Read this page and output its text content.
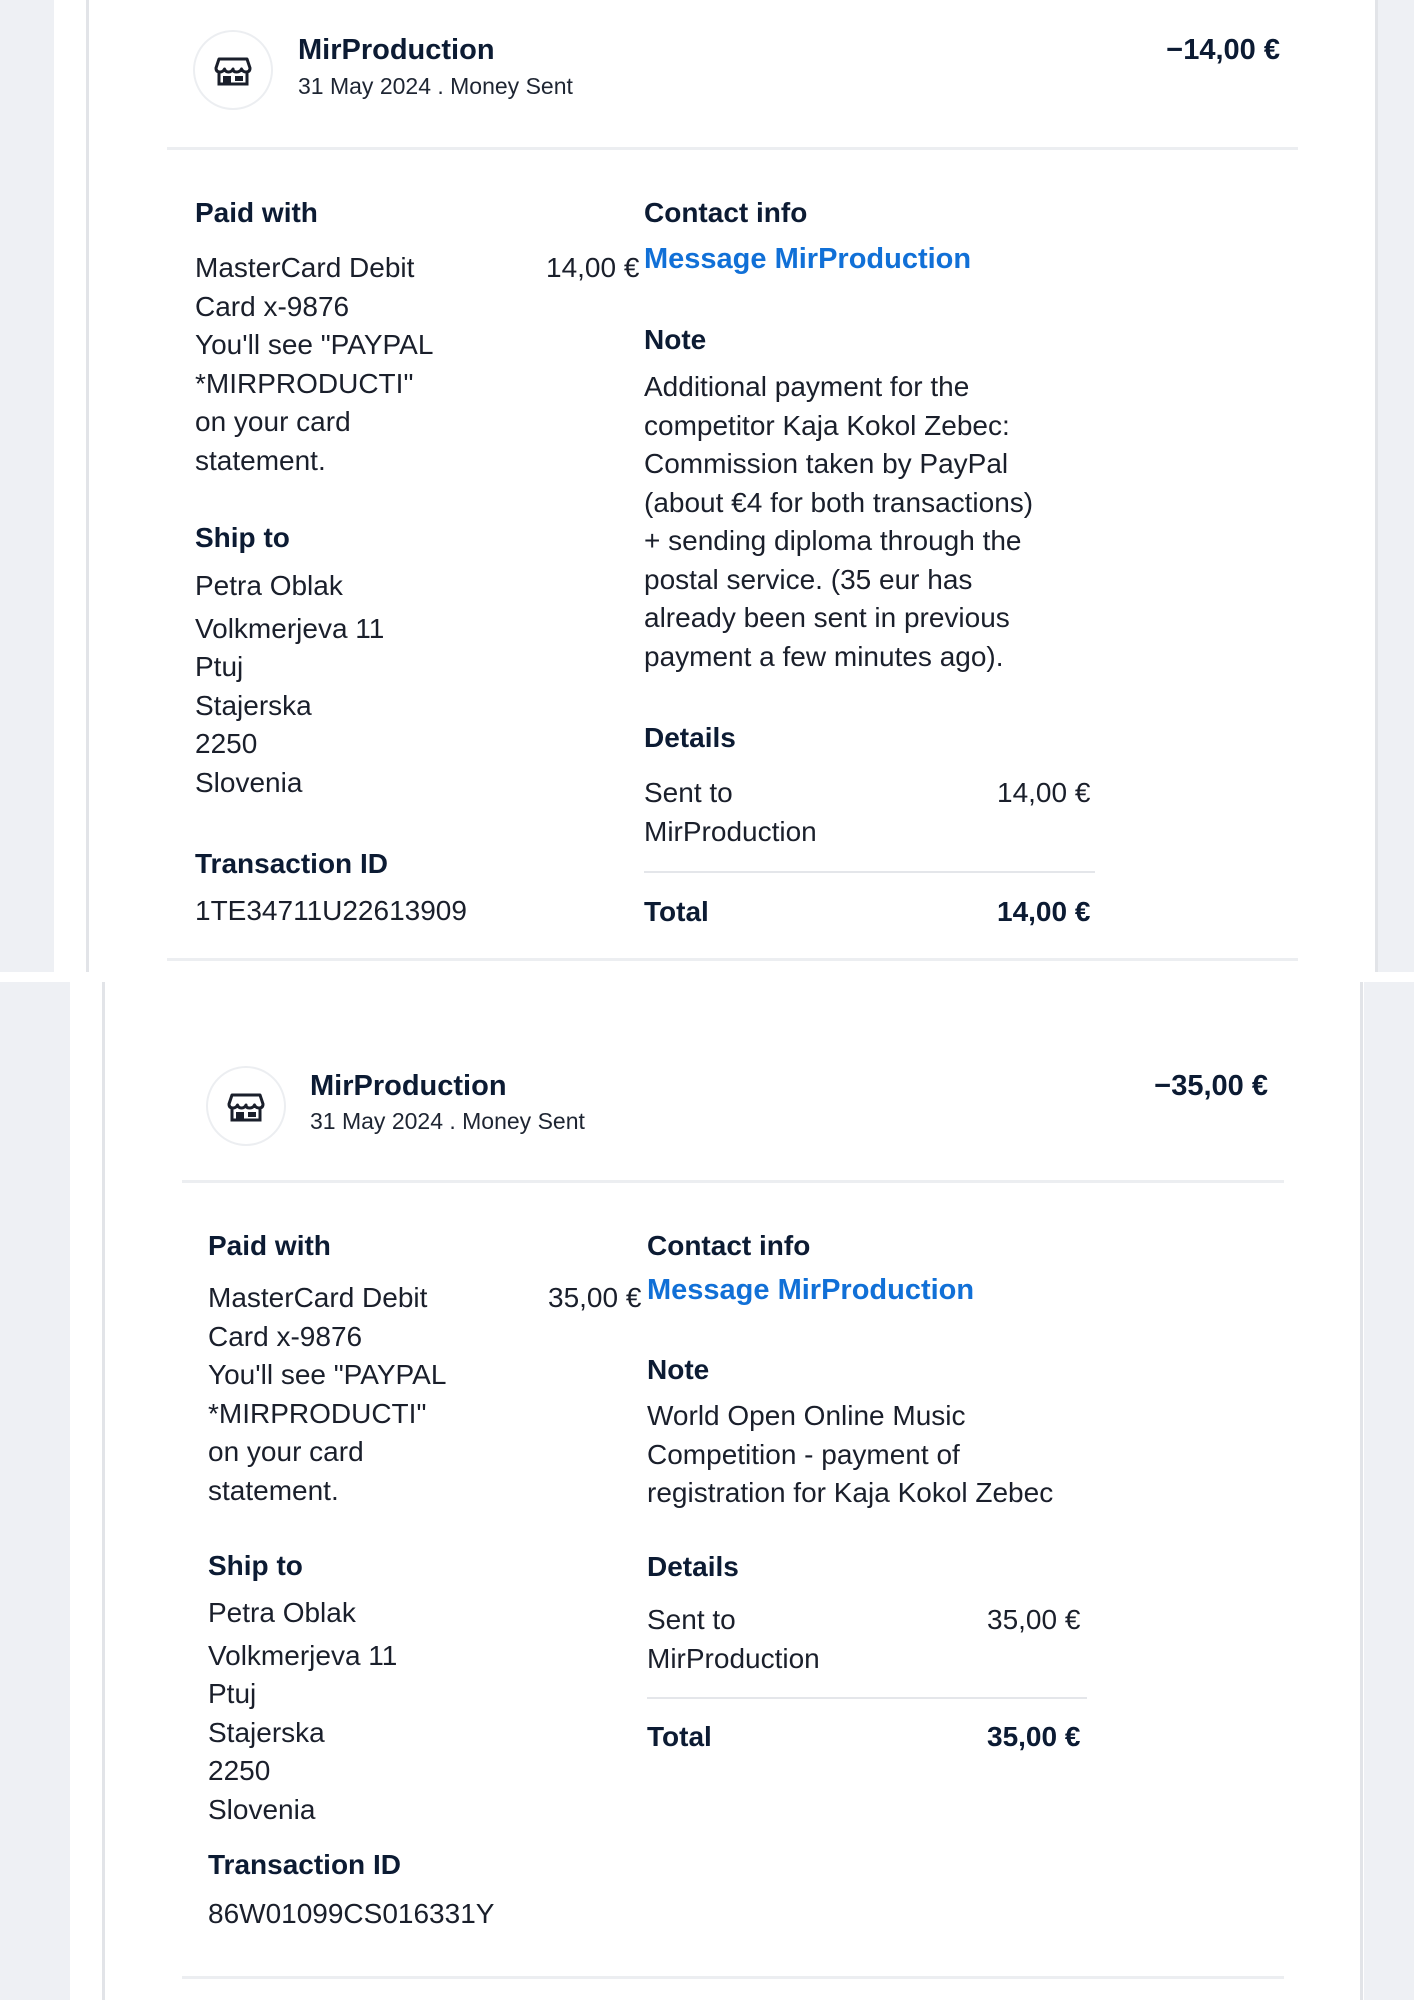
MirProduction
31 May 2024 . Money Sent
−14,00 €
Paid with
MasterCard Debit
Card x-9876
You'll see "PAYPAL
*MIRPRODUCTI"
on your card
statement.
14,00 €
Ship to
Petra Oblak
Volkmerjeva 11
Ptuj
Stajerska
2250
Slovenia
Transaction ID
1TE34711U22613909
Contact info
Message MirProduction
Note
Additional payment for the
competitor Kaja Kokol Zebec:
Commission taken by PayPal
(about €4 for both transactions)
+ sending diploma through the
postal service. (35 eur has
already been sent in previous
payment a few minutes ago).
Details
Sent to
MirProduction
14,00 €
Total	14,00 €
MirProduction
31 May 2024 . Money Sent
−35,00 €
Paid with
MasterCard Debit
Card x-9876
You'll see "PAYPAL
*MIRPRODUCTI"
on your card
statement.
35,00 €
Ship to
Petra Oblak
Volkmerjeva 11
Ptuj
Stajerska
2250
Slovenia
Transaction ID
86W01099CS016331Y
Contact info
Message MirProduction
Note
World Open Online Music
Competition - payment of
registration for Kaja Kokol Zebec
Details
Sent to
MirProduction
35,00 €
Total	35,00 €
